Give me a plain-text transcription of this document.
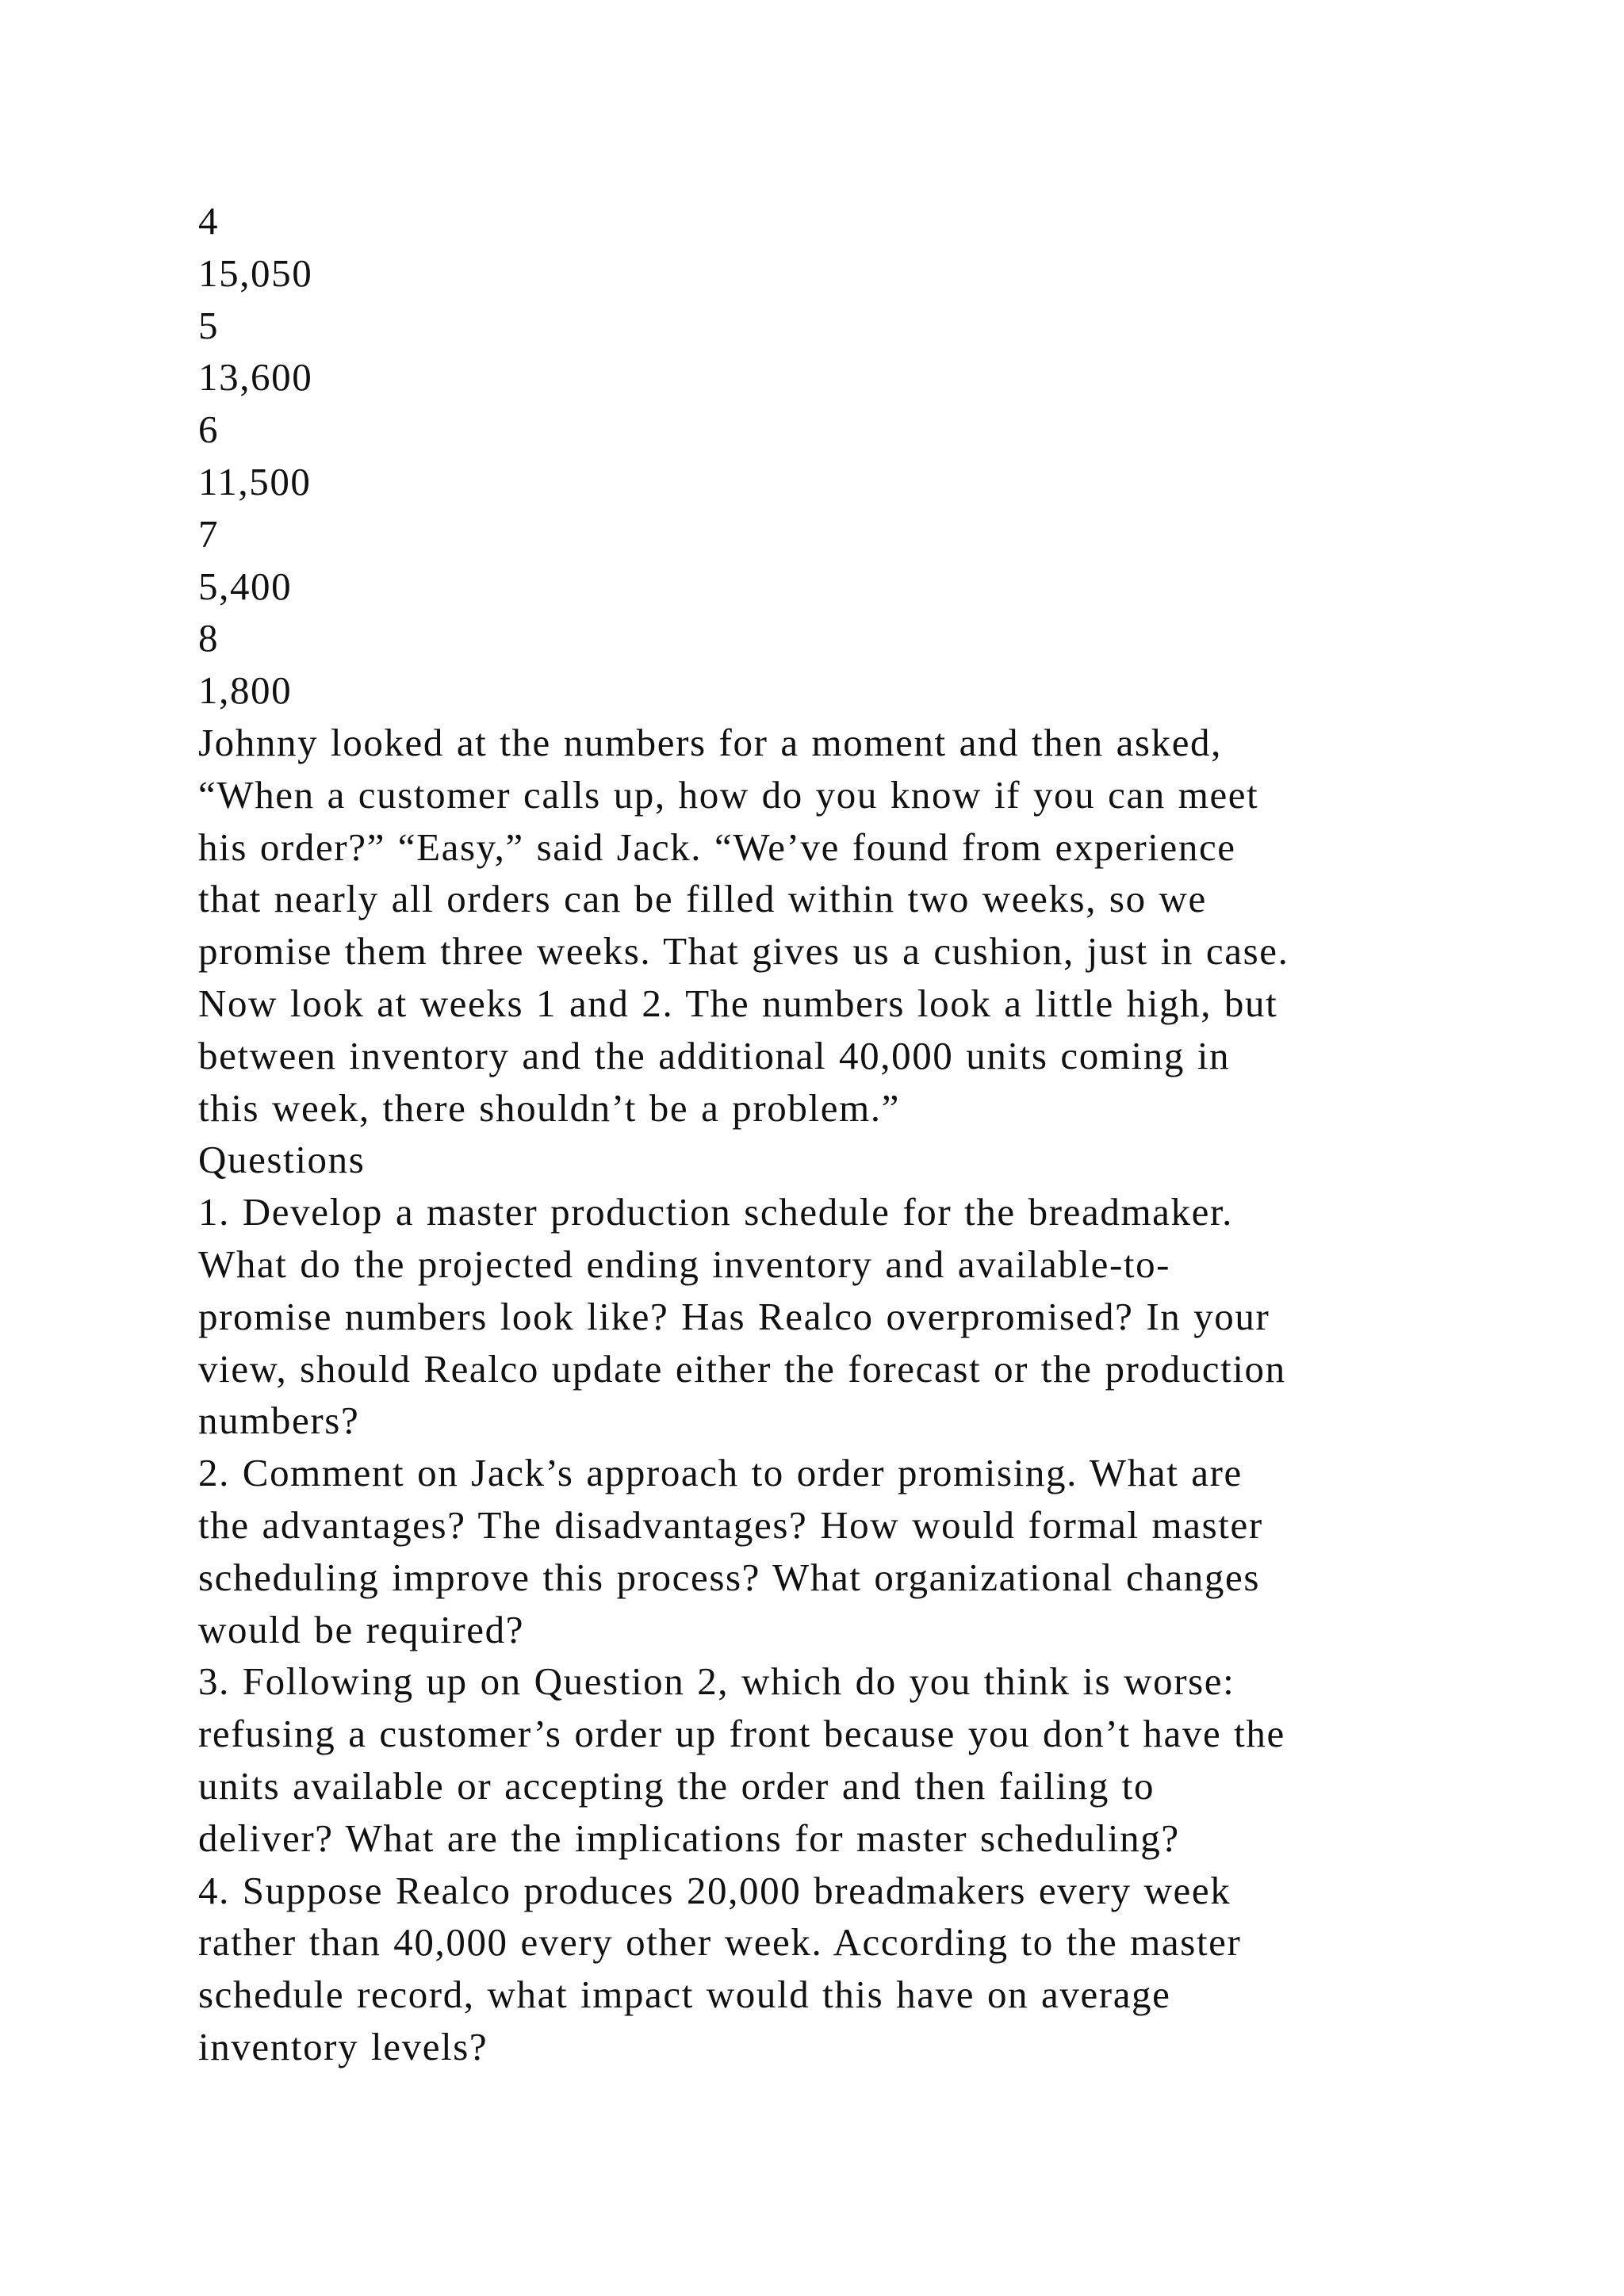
4
15,050
5
13,600
6
11,500
7
5,400
8
1,800
Johnny looked at the numbers for a moment and then asked,
“When a customer calls up, how do you know if you can meet
his order?” “Easy,” said Jack. “We’ve found from experience
that nearly all orders can be filled within two weeks, so we
promise them three weeks. That gives us a cushion, just in case.
Now look at weeks 1 and 2. The numbers look a little high, but
between inventory and the additional 40,000 units coming in
this week, there shouldn’t be a problem.”
Questions
1. Develop a master production schedule for the breadmaker.
What do the projected ending inventory and available-to-
promise numbers look like? Has Realco overpromised? In your
view, should Realco update either the forecast or the production
numbers?
2. Comment on Jack’s approach to order promising. What are
the advantages? The disadvantages? How would formal master
scheduling improve this process? What organizational changes
would be required?
3. Following up on Question 2, which do you think is worse:
refusing a customer’s order up front because you don’t have the
units available or accepting the order and then failing to
deliver? What are the implications for master scheduling?
4. Suppose Realco produces 20,000 breadmakers every week
rather than 40,000 every other week. According to the master
schedule record, what impact would this have on average
inventory levels?
